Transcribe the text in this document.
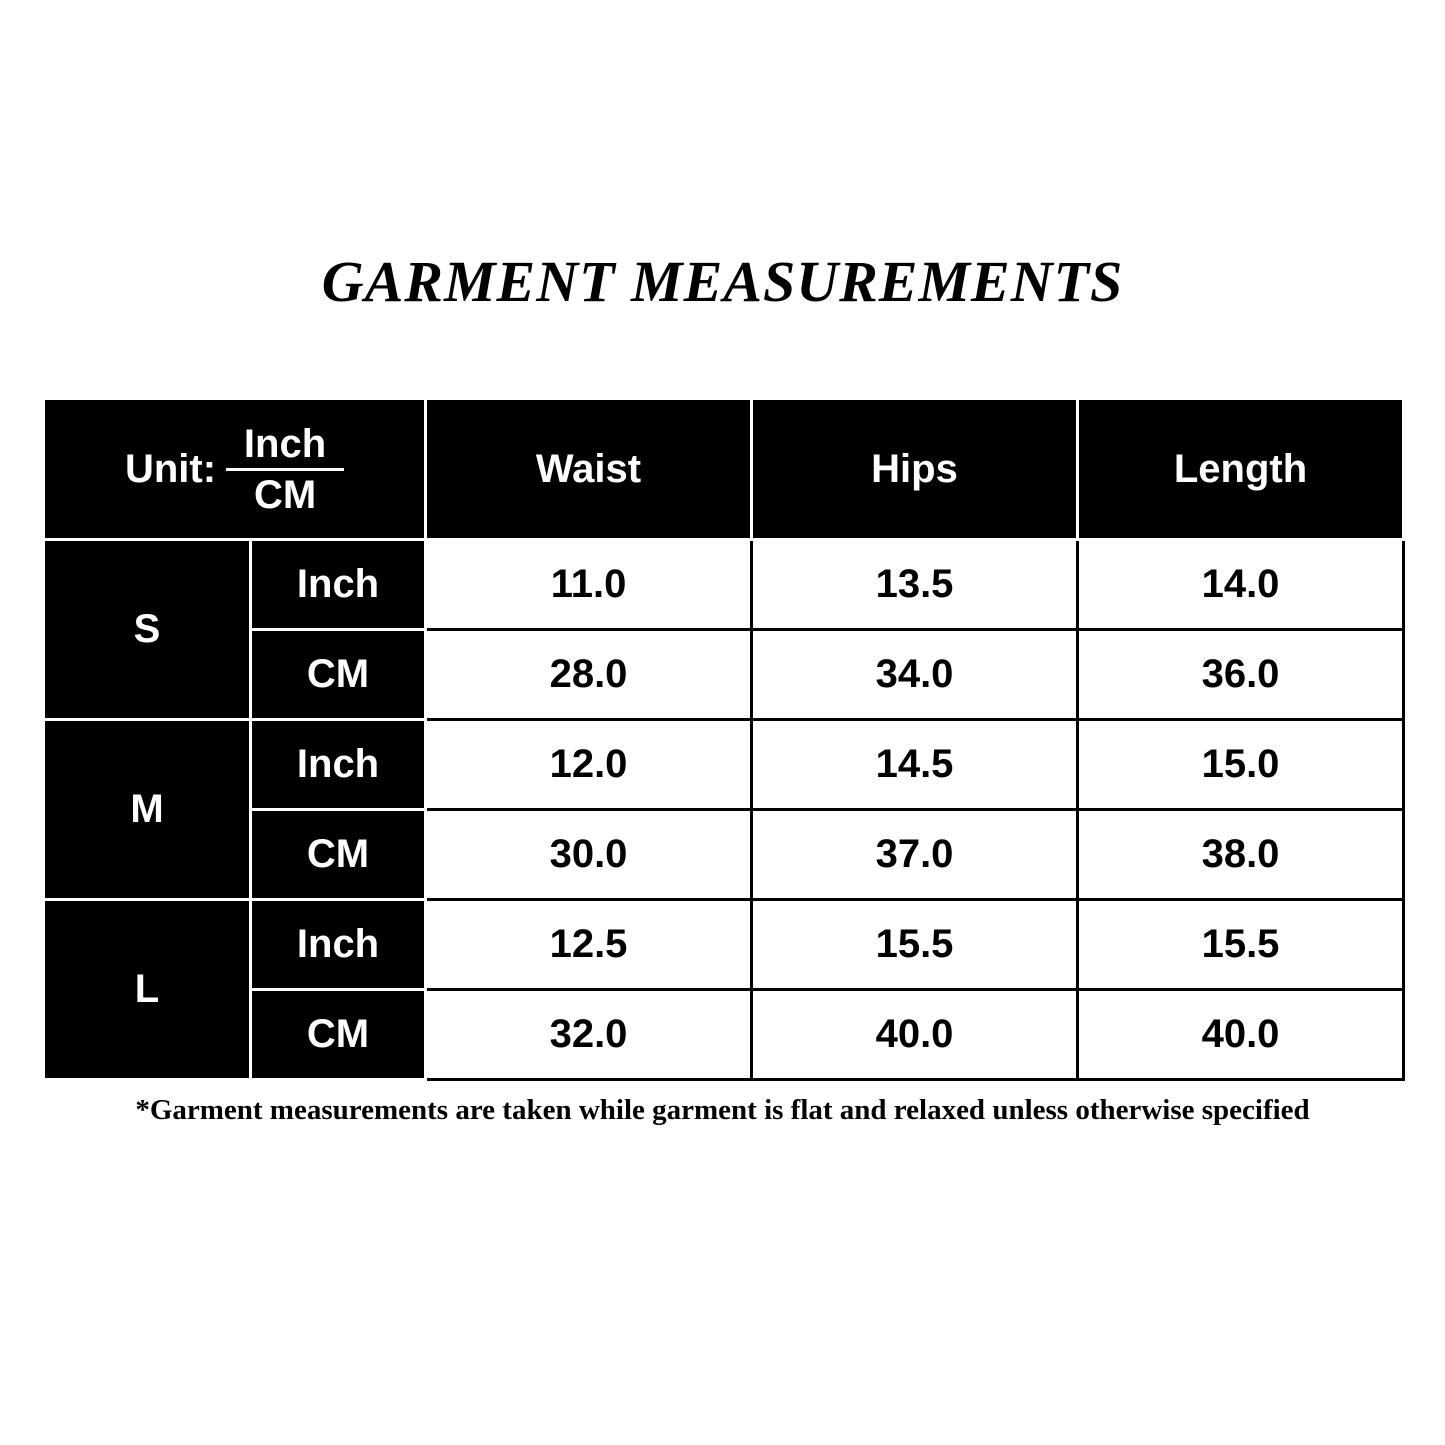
GARMENT MEASUREMENTS
Unit: $\frac{\text{Inch}}{CM}$		Waist	Hips	Length
S	Inch	11.0	13.5	14.0
	CM	28.0	34.0	36.0
M	Inch	12.0	14.5	15.0
	CM	30.0	37.0	38.0
L	Inch	12.5	15.5	15.5
	CM	32.0	40.0	40.0
*Garment measurements are taken while garment is flat and relaxed unless otherwise specified
